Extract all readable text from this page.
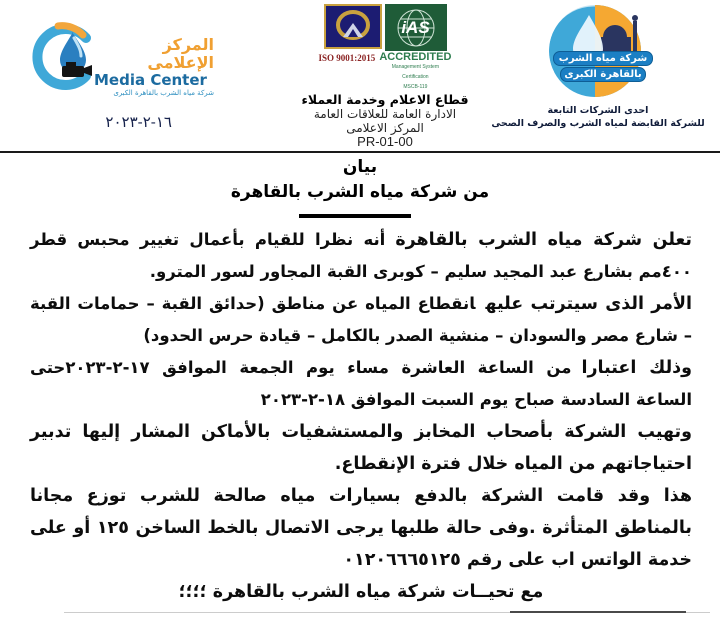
المركز الإعلامى
Media Center
شركة مياه الشرب بالقاهرة الكبرى
١٦-٢-٢٠٢٣
iAS
ISO 9001:2015 ACCREDITED
Management System
Certification
MSCB-119
قطاع الاعلام وخدمة العملاء
الادارة العامة للعلاقات العامة
المركز الاعلامى
PR-01-00
شركة مياه الشرب
بالقاهرة الكبرى
احدى الشركات التابعة
للشركة القابضة لمياه الشرب والصرف الصحى
بيان
من شركة مياه الشرب بالقاهرة

تعلن شركة مياه الشرب بالقاهرةأنه نظرا للقيام بأعمال تغيير محبس قطر ٤٠٠مم بشارع عبد المجيد سليم – كوبرى القبة المجاور لسور المترو.

الأمر الذى سيترتب عليهانقطاع المياه عن مناطق (حدائق القبة – حمامات القبة – شارع مصر والسودان – منشية الصدر بالكامل – قيادة حرس الحدود)

وذلك اعتبارامن الساعة العاشرة مساء يوم الجمعة الموافق ١٧-٢-٢٠٢٣حتى الساعة السادسة صباح يوم السبت الموافق ١٨-٢-٢٠٢٣

وتهيب الشركة بأصحاب المخابز والمستشفيات بالأماكن المشار إليها تدبير احتياجاتهم من المياه خلال فترة الإنقطاع.

هذا وقد قامت الشركة بالدفع بسيارات مياه صالحة للشرب توزع مجانا بالمناطق المتأثرة .وفى حالة طلبها يرجى الاتصال بالخط الساخن ١٢٥ أو على خدمة الواتس اب على رقم ٠١٢٠٦٦٦٥١٢٥

مع تحيــات شركة مياه الشرب بالقاهرة ؛؛؛؛
